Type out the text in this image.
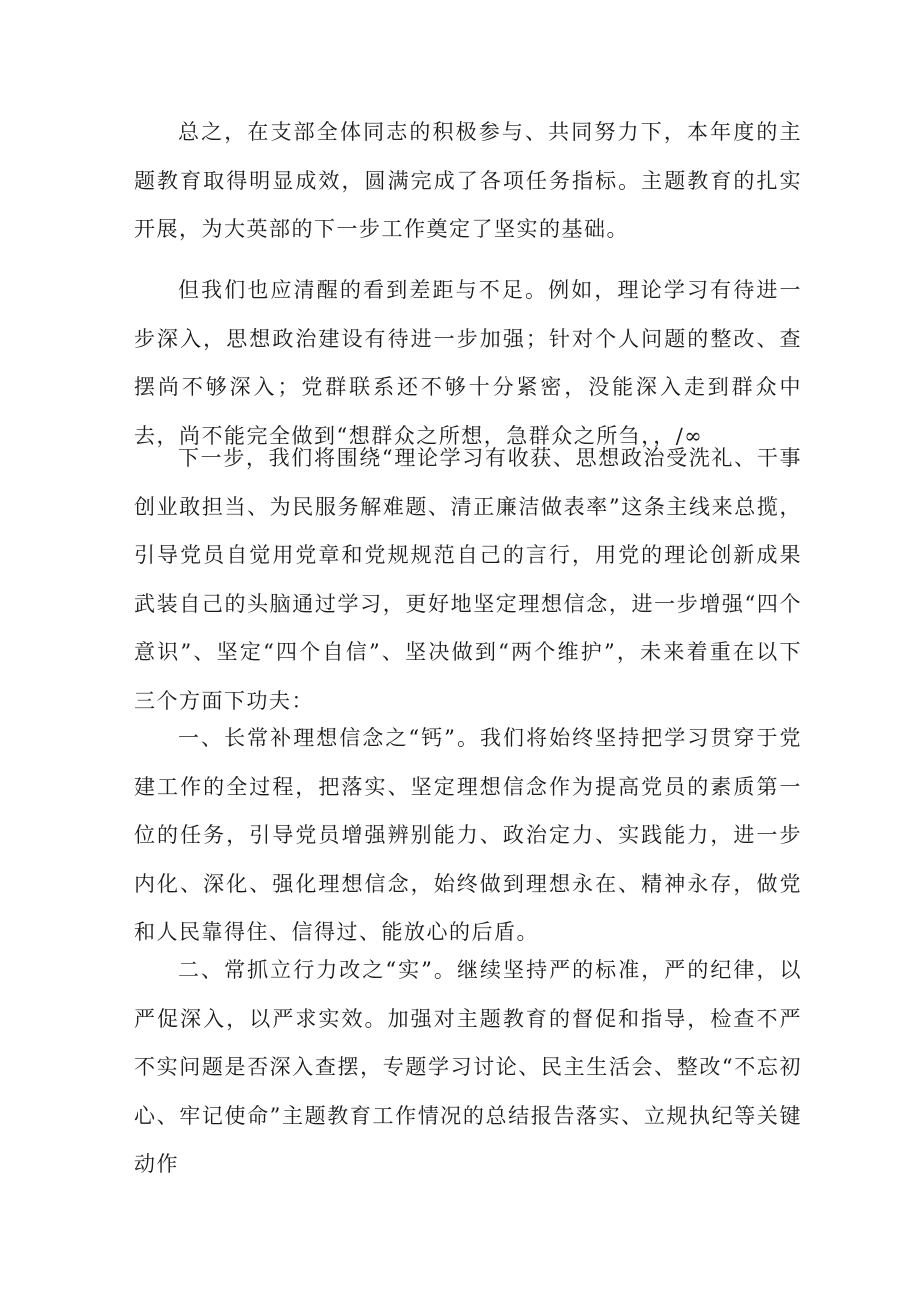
总之，在支部全体同志的积极参与、共同努力下，本年度的主题教育取得明显成效，圆满完成了各项任务指标。主题教育的扎实开展，为大英部的下一步工作奠定了坚实的基础。

但我们也应清醒的看到差距与不足。例如，理论学习有待进一步深入，思想政治建设有待进一步加强；针对个人问题的整改、查摆尚不够深入；党群联系还不够十分紧密，没能深入走到群众中去，尚不能完全做到“想群众之所想，急群众之所刍，，∕∞

下一步，我们将围绕“理论学习有收获、思想政治受洗礼、干事创业敢担当、为民服务解难题、清正廉洁做表率”这条主线来总揽，引导党员自觉用党章和党规规范自己的言行，用党的理论创新成果武装自己的头脑通过学习，更好地坚定理想信念，进一步增强“四个意识”、坚定“四个自信”、坚决做到“两个维护”，未来着重在以下三个方面下功夫：

一、长常补理想信念之“钙”。我们将始终坚持把学习贯穿于党建工作的全过程，把落实、坚定理想信念作为提高党员的素质第一位的任务，引导党员增强辨别能力、政治定力、实践能力，进一步内化、深化、强化理想信念，始终做到理想永在、精神永存，做党和人民靠得住、信得过、能放心的后盾。

二、常抓立行力改之“实”。继续坚持严的标准，严的纪律，以严促深入，以严求实效。加强对主题教育的督促和指导，检查不严不实问题是否深入查摆，专题学习讨论、民主生活会、整改“不忘初心、牢记使命”主题教育工作情况的总结报告落实、立规执纪等关键动作
